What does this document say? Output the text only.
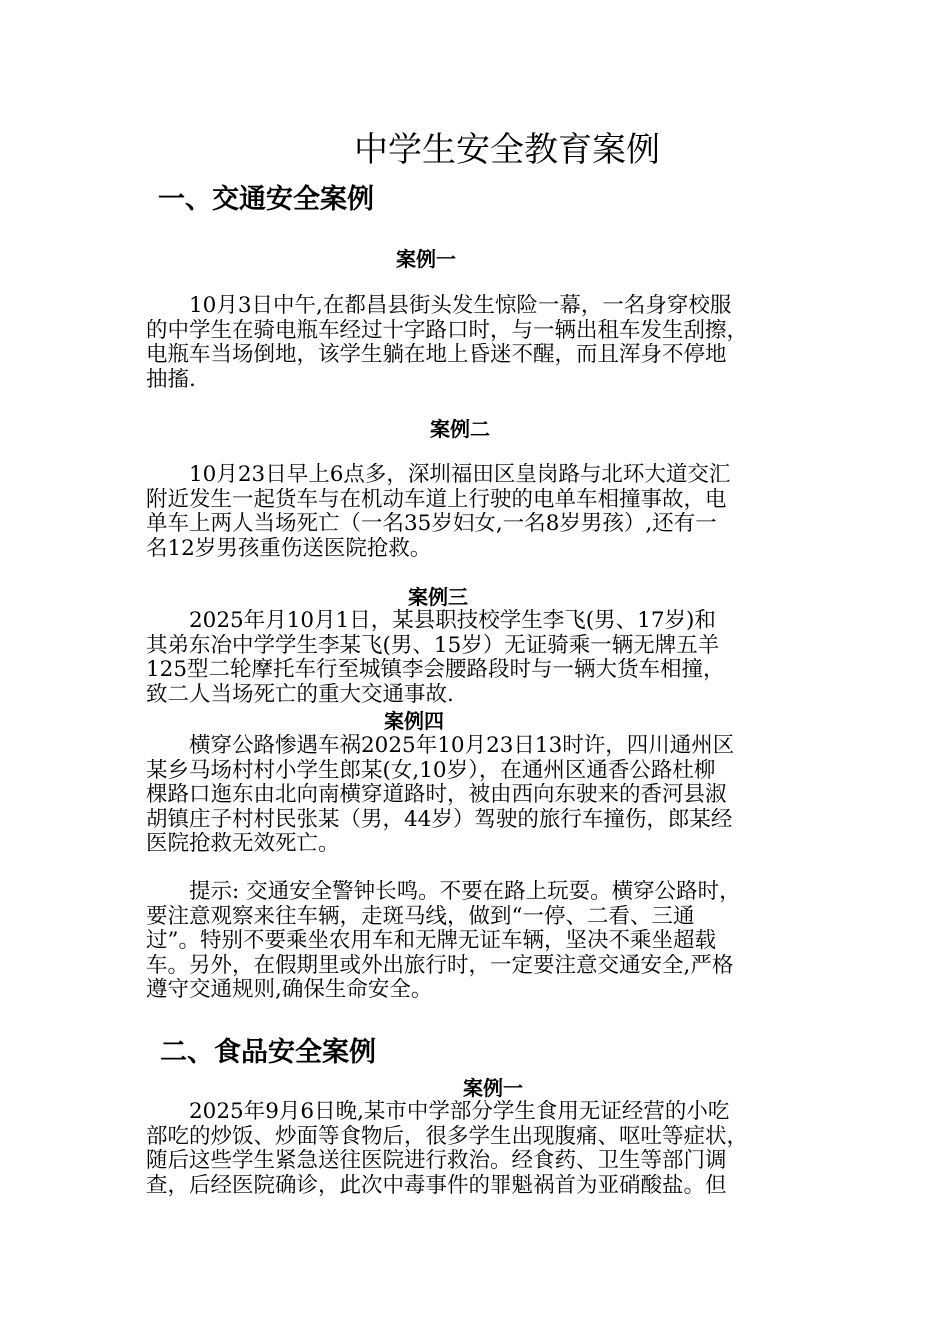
中学生安全教育案例
一、交通安全案例
案例一
　　10月3日中午,在都昌县街头发生惊险一幕，一名身穿校服
的中学生在骑电瓶车经过十字路口时，与一辆出租车发生刮擦，
电瓶车当场倒地，该学生躺在地上昏迷不醒，而且浑身不停地
抽搐.
案例二
　　10月23日早上6点多，深圳福田区皇岗路与北环大道交汇
附近发生一起货车与在机动车道上行驶的电单车相撞事故，电
单车上两人当场死亡（一名35岁妇女,一名8岁男孩）,还有一
名12岁男孩重伤送医院抢救。
案例三
　　2025年月10月1日，某县职技校学生李飞(男、17岁)和
其弟东冶中学学生李某飞(男、15岁）无证骑乘一辆无牌五羊
125型二轮摩托车行至城镇李会腰路段时与一辆大货车相撞，
致二人当场死亡的重大交通事故.
案例四
　　横穿公路惨遇车祸2025年10月23日13时许，四川通州区
某乡马场村村小学生郎某(女,10岁），在通州区通香公路杜柳
棵路口迤东由北向南横穿道路时，被由西向东驶来的香河县淑
胡镇庄子村村民张某（男，44岁）驾驶的旅行车撞伤，郎某经
医院抢救无效死亡。
　　提示: 交通安全警钟长鸣。不要在路上玩耍。横穿公路时，
要注意观察来往车辆，走斑马线，做到“一停、二看、三通
过”。特别不要乘坐农用车和无牌无证车辆，坚决不乘坐超载
车。另外，在假期里或外出旅行时，一定要注意交通安全,严格
遵守交通规则,确保生命安全。
二、食品安全案例
案例一
　　2025年9月6日晚,某市中学部分学生食用无证经营的小吃
部吃的炒饭、炒面等食物后，很多学生出现腹痛、呕吐等症状，
随后这些学生紧急送往医院进行救治。经食药、卫生等部门调
查，后经医院确诊，此次中毒事件的罪魁祸首为亚硝酸盐。但
